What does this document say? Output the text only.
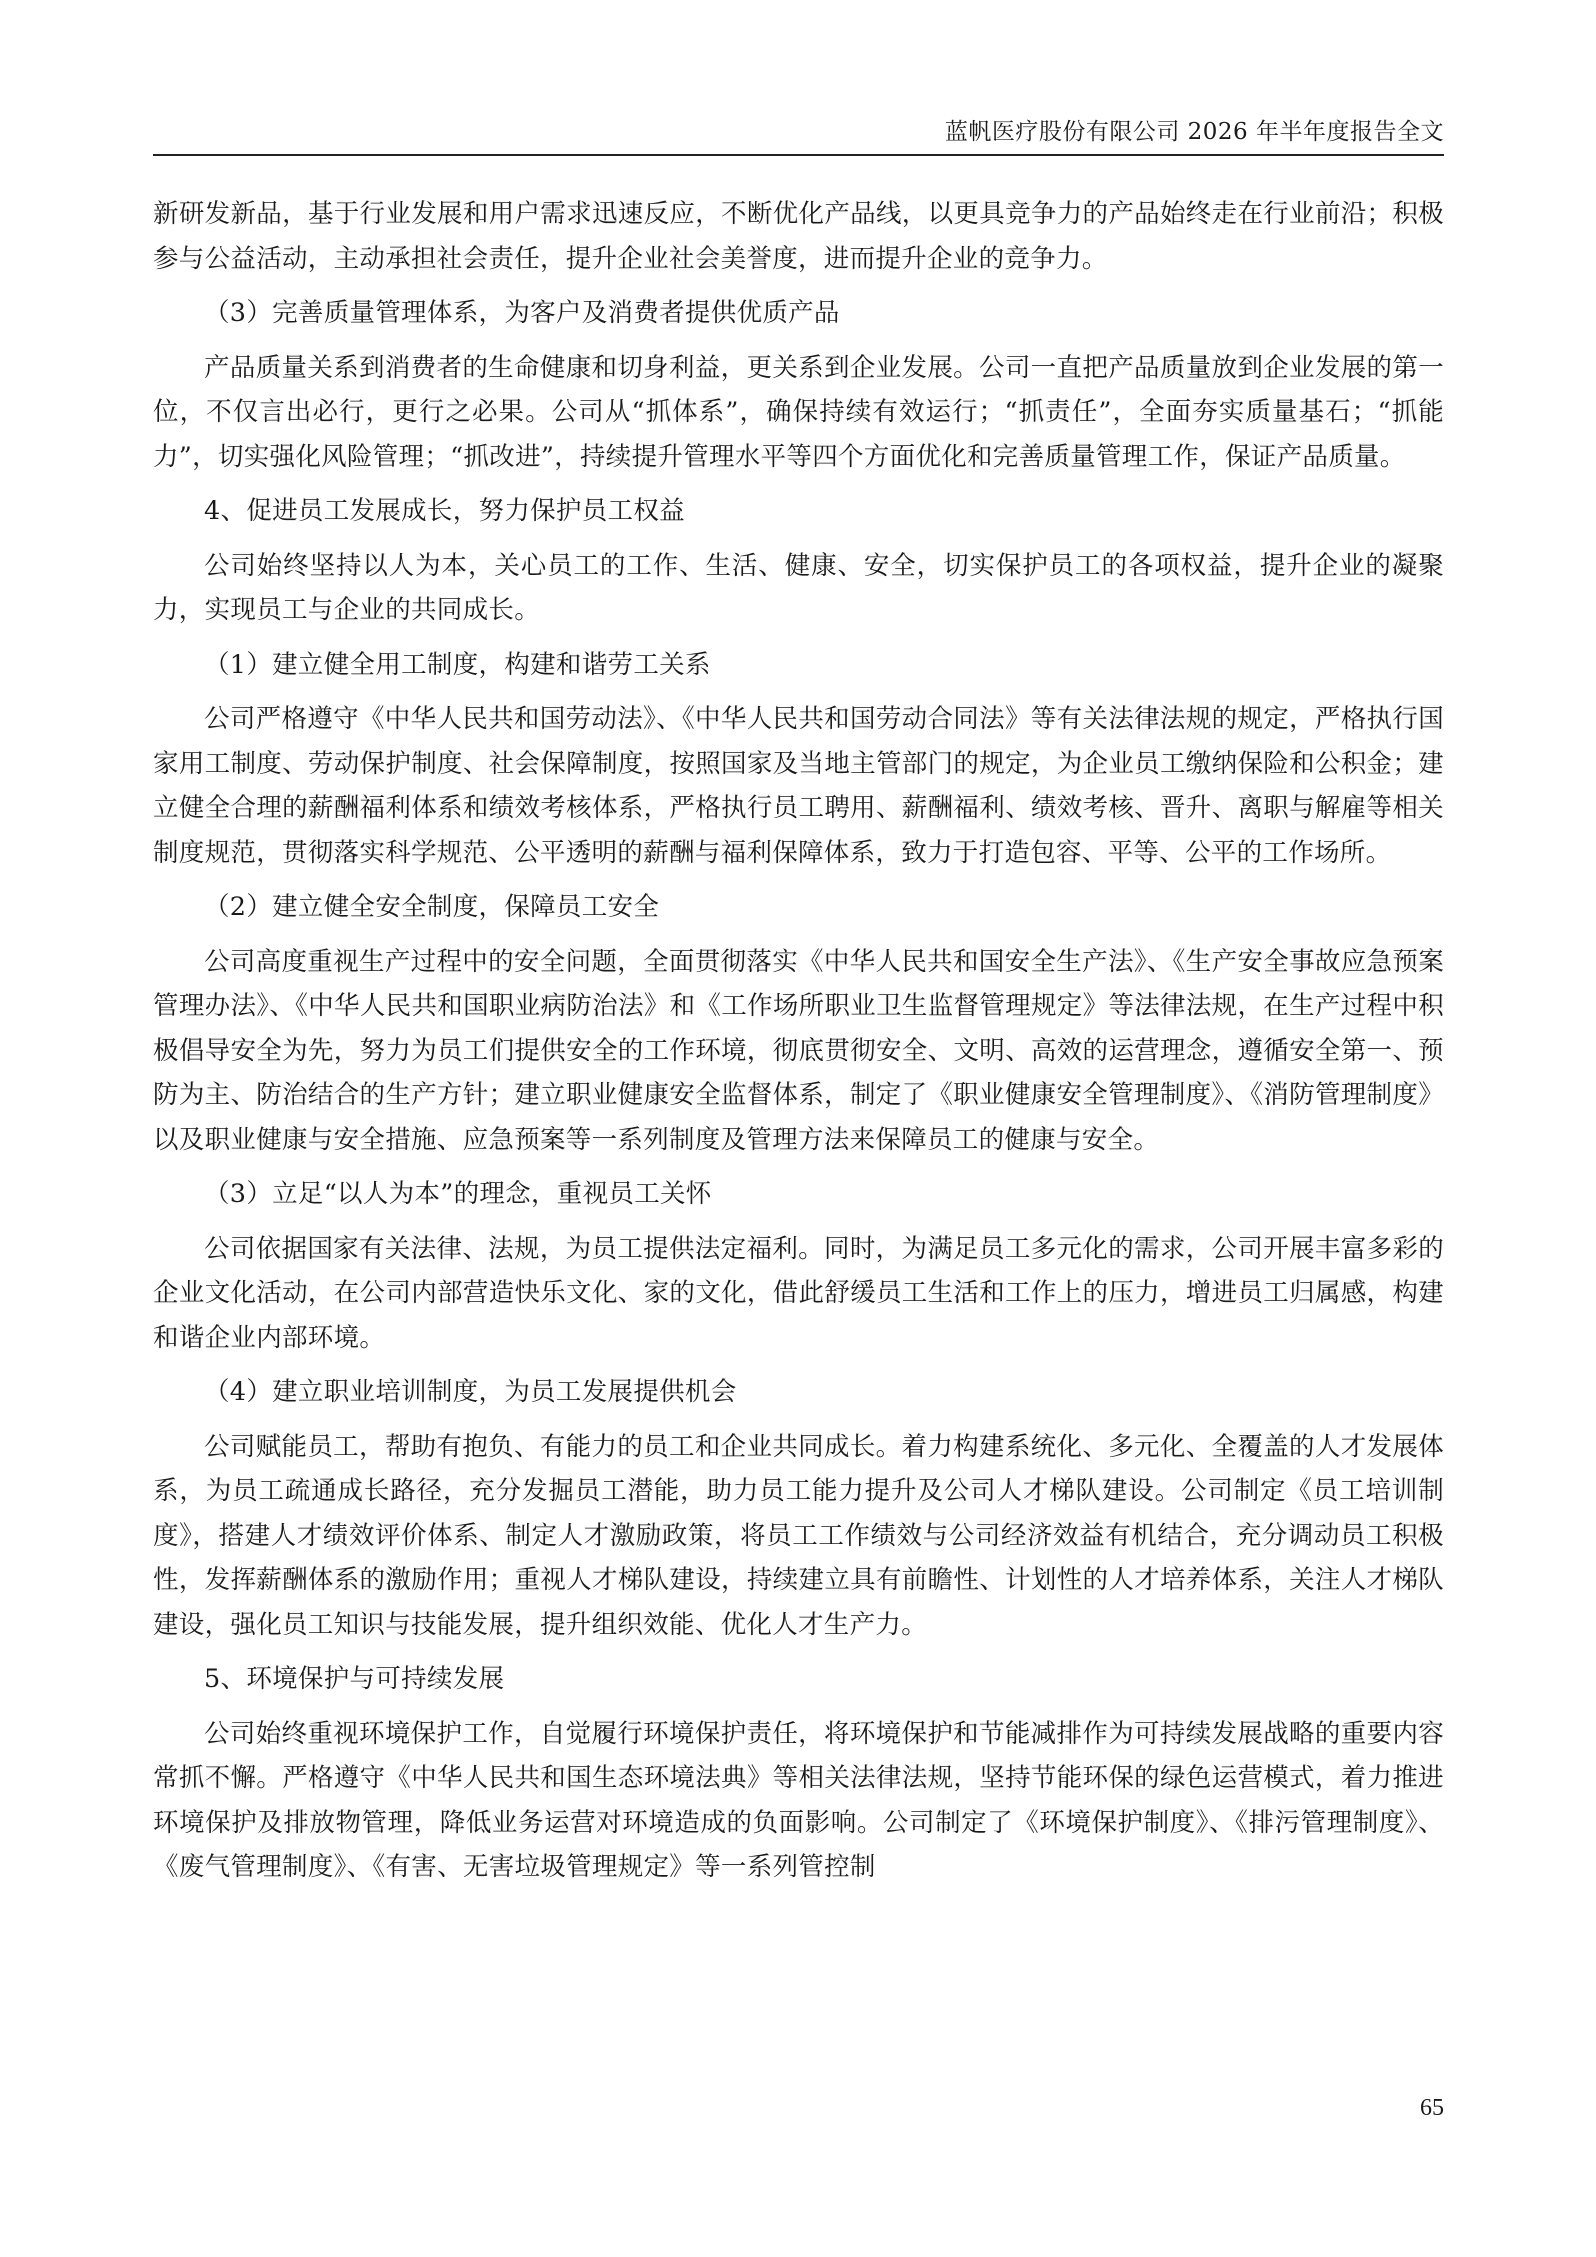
蓝帆医疗股份有限公司 2026 年半年度报告全文

新研发新品，基于行业发展和用户需求迅速反应，不断优化产品线，以更具竞争力的产品始终走在行业前沿；积极参与公益活动，主动承担社会责任，提升企业社会美誉度，进而提升企业的竞争力。

（3）完善质量管理体系，为客户及消费者提供优质产品

产品质量关系到消费者的生命健康和切身利益，更关系到企业发展。公司一直把产品质量放到企业发展的第一位，不仅言出必行，更行之必果。公司从“抓体系”，确保持续有效运行；“抓责任”，全面夯实质量基石；“抓能力”，切实强化风险管理；“抓改进”，持续提升管理水平等四个方面优化和完善质量管理工作，保证产品质量。

4、促进员工发展成长，努力保护员工权益

公司始终坚持以人为本，关心员工的工作、生活、健康、安全，切实保护员工的各项权益，提升企业的凝聚力，实现员工与企业的共同成长。

（1）建立健全用工制度，构建和谐劳工关系

公司严格遵守《中华人民共和国劳动法》、《中华人民共和国劳动合同法》等有关法律法规的规定，严格执行国家用工制度、劳动保护制度、社会保障制度，按照国家及当地主管部门的规定，为企业员工缴纳保险和公积金；建立健全合理的薪酬福利体系和绩效考核体系，严格执行员工聘用、薪酬福利、绩效考核、晋升、离职与解雇等相关制度规范，贯彻落实科学规范、公平透明的薪酬与福利保障体系，致力于打造包容、平等、公平的工作场所。

（2）建立健全安全制度，保障员工安全

公司高度重视生产过程中的安全问题，全面贯彻落实《中华人民共和国安全生产法》、《生产安全事故应急预案管理办法》、《中华人民共和国职业病防治法》和《工作场所职业卫生监督管理规定》等法律法规，在生产过程中积极倡导安全为先，努力为员工们提供安全的工作环境，彻底贯彻安全、文明、高效的运营理念，遵循安全第一、预防为主、防治结合的生产方针；建立职业健康安全监督体系，制定了《职业健康安全管理制度》、《消防管理制度》以及职业健康与安全措施、应急预案等一系列制度及管理方法来保障员工的健康与安全。

（3）立足“以人为本”的理念，重视员工关怀

公司依据国家有关法律、法规，为员工提供法定福利。同时，为满足员工多元化的需求，公司开展丰富多彩的企业文化活动，在公司内部营造快乐文化、家的文化，借此舒缓员工生活和工作上的压力，增进员工归属感，构建和谐企业内部环境。

（4）建立职业培训制度，为员工发展提供机会

公司赋能员工，帮助有抱负、有能力的员工和企业共同成长。着力构建系统化、多元化、全覆盖的人才发展体系，为员工疏通成长路径，充分发掘员工潜能，助力员工能力提升及公司人才梯队建设。公司制定《员工培训制度》，搭建人才绩效评价体系、制定人才激励政策，将员工工作绩效与公司经济效益有机结合，充分调动员工积极性，发挥薪酬体系的激励作用；重视人才梯队建设，持续建立具有前瞻性、计划性的人才培养体系，关注人才梯队建设，强化员工知识与技能发展，提升组织效能、优化人才生产力。

5、环境保护与可持续发展

公司始终重视环境保护工作，自觉履行环境保护责任，将环境保护和节能减排作为可持续发展战略的重要内容常抓不懈。严格遵守《中华人民共和国生态环境法典》等相关法律法规，坚持节能环保的绿色运营模式，着力推进环境保护及排放物管理，降低业务运营对环境造成的负面影响。公司制定了《环境保护制度》、《排污管理制度》、《废气管理制度》、《有害、无害垃圾管理规定》等一系列管控制

65
